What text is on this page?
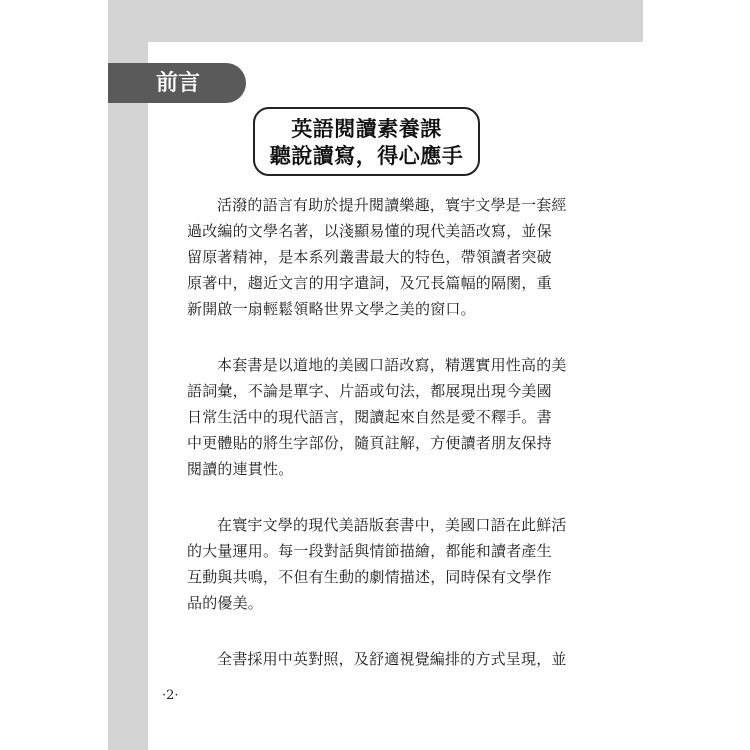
前言
英語閱讀素養課
聽說讀寫，得心應手
活潑的語言有助於提升閱讀樂趣，寰宇文學是一套經
過改編的文學名著，以淺顯易懂的現代美語改寫，並保
留原著精神，是本系列叢書最大的特色，帶領讀者突破
原著中，趨近文言的用字遣詞，及冗長篇幅的隔閡，重
新開啟一扇輕鬆領略世界文學之美的窗口。
本套書是以道地的美國口語改寫，精選實用性高的美
語詞彙，不論是單字、片語或句法，都展現出現今美國
日常生活中的現代語言，閱讀起來自然是愛不釋手。書
中更體貼的將生字部份，隨頁註解，方便讀者朋友保持
閱讀的連貫性。
在寰宇文學的現代美語版套書中，美國口語在此鮮活
的大量運用。每一段對話與情節描繪，都能和讀者產生
互動與共鳴，不但有生動的劇情描述，同時保有文學作
品的優美。
全書採用中英對照，及舒適視覺編排的方式呈現，並
·2·
